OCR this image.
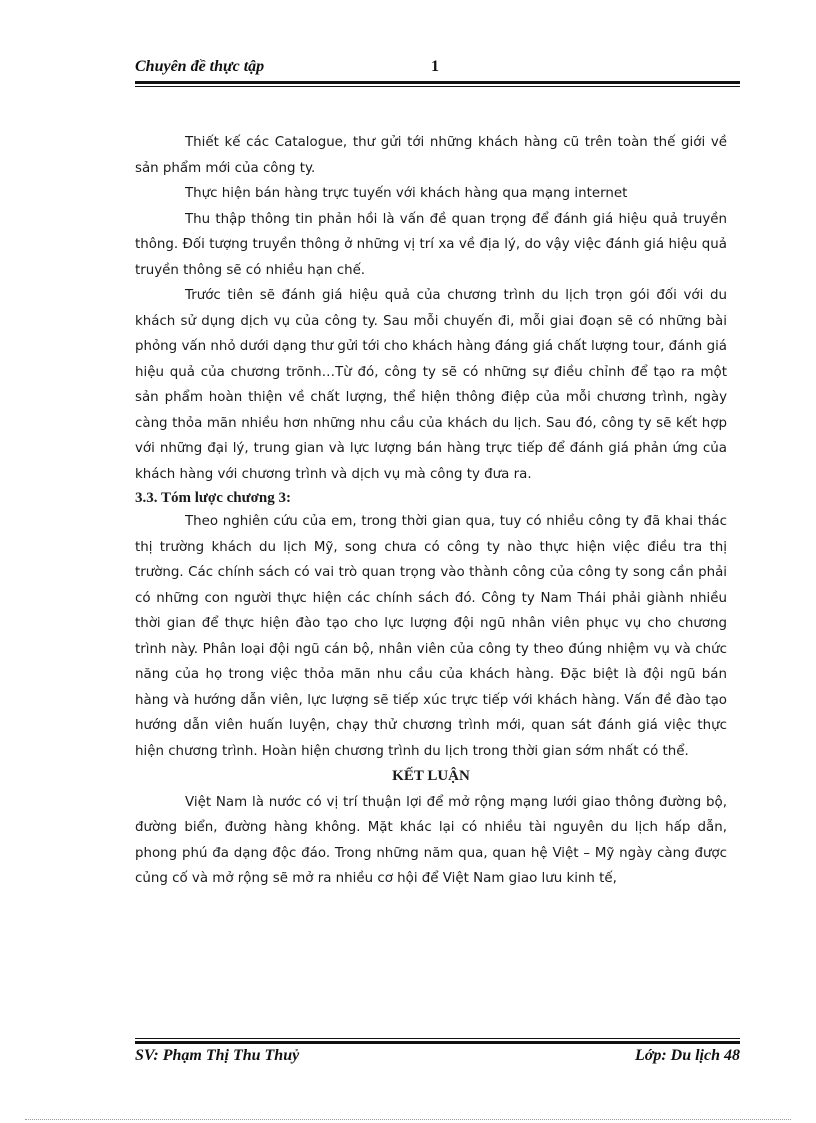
Chuyên đề thực tập	1

Thiết kế các Catalogue, thư gửi tới những khách hàng cũ trên toàn thế giới về sản phẩm mới của công ty.

Thực hiện bán hàng trực tuyến với khách hàng qua mạng internet

Thu thập thông tin phản hồi là vấn đề quan trọng để đánh giá hiệu quả truyền thông. Đối tượng truyền thông ở những vị trí xa về địa lý, do vậy việc đánh giá hiệu quả truyền thông sẽ có nhiều hạn chế.

Trước tiên sẽ đánh giá hiệu quả của chương trình du lịch trọn gói đối với du khách sử dụng dịch vụ của công ty. Sau mỗi chuyến đi, mỗi giai đoạn sẽ có những bài phỏng vấn nhỏ dưới dạng thư gửi tới cho khách hàng đáng giá chất lượng tour, đánh giá hiệu quả của chương trõnh…Từ đó, công ty sẽ có những sự điều chỉnh để tạo ra một sản phẩm hoàn thiện về chất lượng, thể hiện thông điệp của mỗi chương trình, ngày càng thỏa mãn nhiều hơn những nhu cầu của khách du lịch. Sau đó, công ty sẽ kết hợp với những đại lý, trung gian và lực lượng bán hàng trực tiếp để đánh giá phản ứng của khách hàng với chương trình và dịch vụ mà công ty đưa ra.

3.3. Tóm lược chương 3:

Theo nghiên cứu của em, trong thời gian qua, tuy có nhiều công ty đã khai thác thị trường khách du lịch Mỹ, song chưa có công ty nào thực hiện việc điều tra thị trường. Các chính sách có vai trò quan trọng vào thành công của công ty song cần phải có những con người thực hiện các chính sách đó. Công ty Nam Thái phải giành nhiều thời gian để thực hiện đào tạo cho lực lượng đội ngũ nhân viên phục vụ cho chương trình này. Phân loại đội ngũ cán bộ, nhân viên của công ty theo đúng nhiệm vụ và chức năng của họ trong việc thỏa mãn nhu cầu của khách hàng. Đặc biệt là đội ngũ bán hàng và hướng dẫn viên, lực lượng sẽ tiếp xúc trực tiếp với khách hàng. Vấn đề đào tạo hướng dẫn viên huấn luyện, chạy thử chương trình mới, quan sát đánh giá việc thực hiện chương trình. Hoàn hiện chương trình du lịch trong thời gian sớm nhất có thể.

KẾT LUẬN

Việt Nam là nước có vị trí thuận lợi để mở rộng mạng lưới giao thông đường bộ, đường biển, đường hàng không. Mặt khác lại có nhiều tài nguyên du lịch hấp dẫn, phong phú đa dạng độc đáo. Trong những năm qua, quan hệ Việt – Mỹ ngày càng được củng cố và mở rộng sẽ mở ra nhiều cơ hội để Việt Nam giao lưu kinh tế,

SV: Phạm Thị Thu Thuỷ	Lớp: Du lịch 48
